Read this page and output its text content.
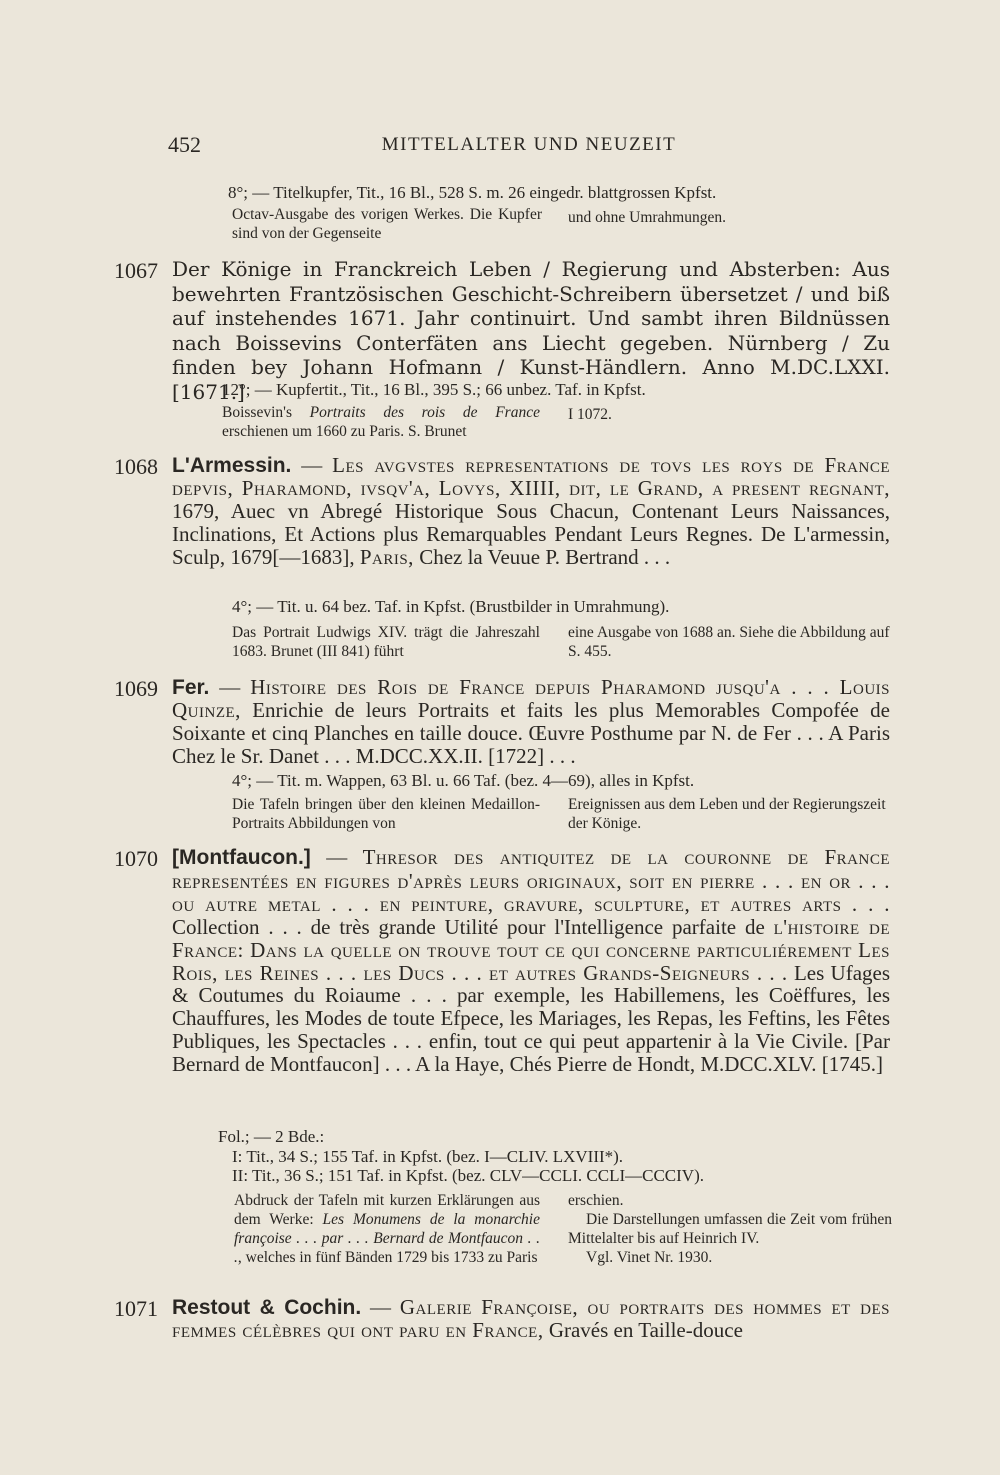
452	MITTELALTER UND NEUZEIT
8°; — Titelkupfer, Tit., 16 Bl., 528 S. m. 26 eingedr. blattgrossen Kpfst.
Octav-Ausgabe des vorigen Werkes. Die Kupfer sind von der Gegenseite
und ohne Umrahmungen.
1067 Der Könige in Franckreich Leben / Regierung und Absterben: Aus bewehrten Frantzösischen Geschicht-Schreibern übersetzet / und biß auf instehendes 1671. Jahr continuirt. Und sambt ihren Bildnüssen nach Boissevins Conterfäten ans Liecht gegeben. Nürnberg / Zu finden bey Johann Hofmann / Kunst-Händlern. Anno M.DC.LXXI. [1671.]
12°; — Kupfertit., Tit., 16 Bl., 395 S.; 66 unbez. Taf. in Kpfst.
Boissevin's Portraits des rois de France erschienen um 1660 zu Paris. S. Brunet
I 1072.
1068 L'Armessin. — Les avgvstes representations de tovs les roys de France depvis, Pharamond, ivsqv'a, Lovys, XIIII, dit, le Grand, a present regnant, 1679, Auec vn Abregé Historique Sous Chacun, Contenant Leurs Naissances, Inclinations, Et Actions plus Remarquables Pendant Leurs Regnes. De L'armessin, Sculp, 1679[—1683], Paris, Chez la Veuue P. Bertrand . . .
4°; — Tit. u. 64 bez. Taf. in Kpfst. (Brustbilder in Umrahmung).
Das Portrait Ludwigs XIV. trägt die Jahreszahl 1683. Brunet (III 841) führt
eine Ausgabe von 1688 an. Siehe die Abbildung auf S. 455.
1069 Fer. — Histoire des Rois de France depuis Pharamond jusqu'a . . . Louis Quinze, Enrichie de leurs Portraits et faits les plus Memorables Compofée de Soixante et cinq Planches en taille douce. Œuvre Posthume par N. de Fer . . . A Paris Chez le Sr. Danet . . . M.DCC.XX.II. [1722] . . .
4°; — Tit. m. Wappen, 63 Bl. u. 66 Taf. (bez. 4—69), alles in Kpfst.
Die Tafeln bringen über den kleinen Medaillon-Portraits Abbildungen von
Ereignissen aus dem Leben und der Regierungszeit der Könige.
1070 [Montfaucon.] — Thresor des antiquitez de la couronne de France representées en figures d'après leurs originaux, soit en pierre . . . en or . . . ou autre metal . . . en peinture, gravure, sculpture, et autres arts . . . Collection . . . de très grande Utilité pour l'Intelligence parfaite de l'histoire de France: Dans la quelle on trouve tout ce qui concerne particuliérement Les Rois, les Reines . . . les Ducs . . . et autres Grands-Seigneurs . . . Les Ufages & Coutumes du Roiaume . . . par exemple, les Habillemens, les Coëffures, les Chauffures, les Modes de toute Efpece, les Mariages, les Repas, les Feftins, les Fêtes Publiques, les Spectacles . . . enfin, tout ce qui peut appartenir à la Vie Civile. [Par Bernard de Montfaucon] . . . A la Haye, Chés Pierre de Hondt, M.DCC.XLV. [1745.]
Fol.; — 2 Bde.:
I: Tit., 34 S.; 155 Taf. in Kpfst. (bez. I—CLIV. LXVIII*).
II: Tit., 36 S.; 151 Taf. in Kpfst. (bez. CLV—CCLI. CCLI—CCCIV).
Abdruck der Tafeln mit kurzen Erklärungen aus dem Werke: Les Monumens de la monarchie françoise . . . par . . . Bernard de Montfaucon . . ., welches in fünf Bänden 1729 bis 1733 zu Paris
erschien.
Die Darstellungen umfassen die Zeit vom frühen Mittelalter bis auf Heinrich IV.
Vgl. Vinet Nr. 1930.
1071 Restout & Cochin. — Galerie Françoise, ou portraits des hommes et des femmes célèbres qui ont paru en France, Gravés en Taille-douce
